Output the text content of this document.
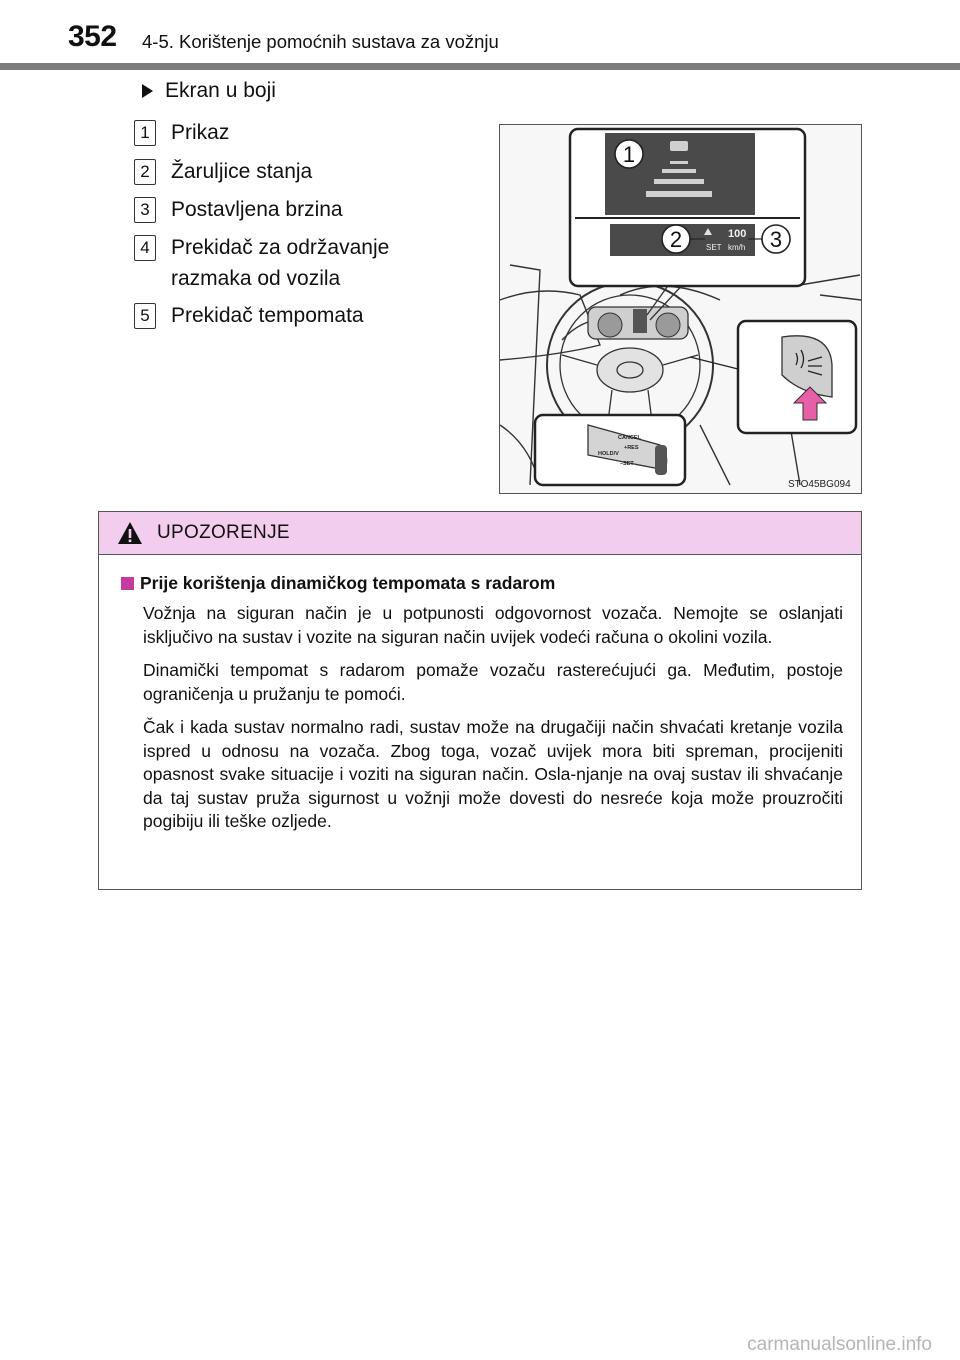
352 4-5. Korištenje pomoćnih sustava za vožnju
Ekran u boji
1 Prikaz
2 Žaruljice stanja
3 Postavljena brzina
4 Prekidač za održavanje razmaka od vozila
5 Prekidač tempomata
1
2	3
100
SET km/h
CANCEL
+RES
HOLD/V
–SET
STO45BG094
UPOZORENJE
Prije korištenja dinamičkog tempomata s radarom

Vožnja na siguran način je u potpunosti odgovornost vozača. Nemojte se oslanjati isključivo na sustav i vozite na siguran način uvijek vodeći računa o okolini vozila.

Dinamički tempomat s radarom pomaže vozaču rasterećujući ga. Međutim, postoje ograničenja u pružanju te pomoći.

Čak i kada sustav normalno radi, sustav može na drugačiji način shvaćati kretanje vozila ispred u odnosu na vozača. Zbog toga, vozač uvijek mora biti spreman, procijeniti opasnost svake situacije i voziti na siguran način. Osla-njanje na ovaj sustav ili shvaćanje da taj sustav pruža sigurnost u vožnji može dovesti do nesreće koja može prouzročiti pogibiju ili teške ozljede.

carmanualsonline.info
